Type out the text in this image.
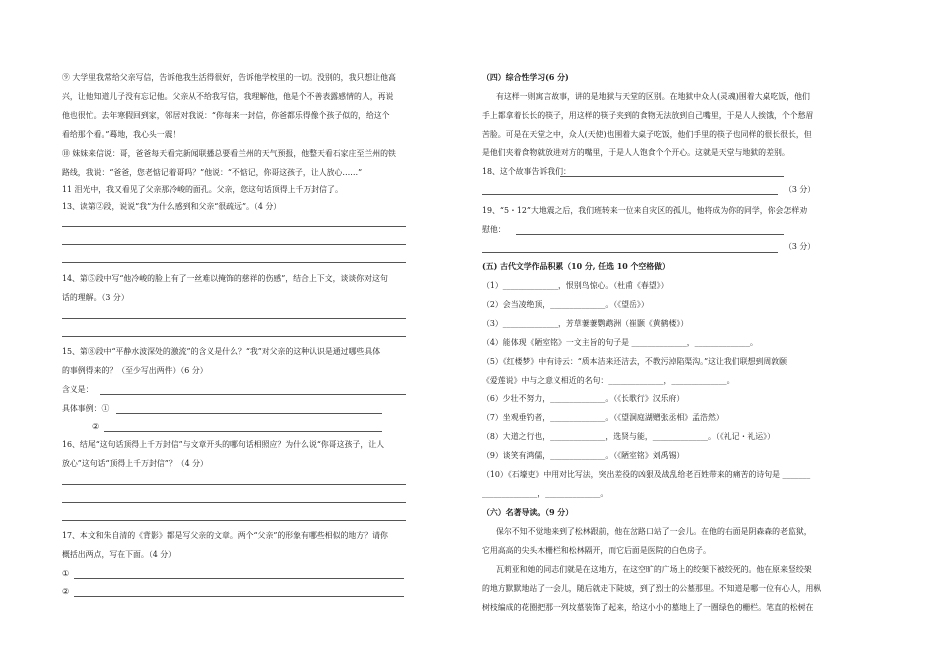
⑨ 大学里我常给父亲写信，告诉他我生活得很好，告诉他学校里的一切。没别的，我只想让他高
兴，让他知道儿子没有忘记他。父亲从不给我写信，我理解他，他是个不善表露感情的人，再说
他也很忙。去年寒假回到家，邻居对我说：“你每来一封信，你爸都乐得像个孩子似的，给这个
看给那个看。”蓦地，我心头一震！
⑩ 妹妹来信说：哥，爸爸每天看完新闻联播总要看兰州的天气预报，他整天看石家庄至兰州的铁
路线，我说：“爸爸，您老惦记着哥吗？”他说：“不惦记，你哥这孩子，让人放心……”
11 泪光中，我又看见了父亲那冷峻的面孔。父亲，您这句话顶得上千万封信了。
13、读第②段，说说“我”为什么感到和父亲“很疏远”。（4 分）
14、第⑤段中写“他冷峻的脸上有了一丝难以掩饰的慈祥的伤感”，结合上下文，谈谈你对这句
话的理解。（3 分）
15、第⑧段中“平静水波深处的激流”的含义是什么？“我”对父亲的这种认识是通过哪些具体
的事例得来的？（至少写出两件）（6 分）
含义是：
具体事例：①
②
16、结尾“这句话顶得上千万封信”与文章开头的哪句话相照应？为什么说“你哥这孩子，让人
放心”这句话“顶得上千万封信”？（4 分）
17、本文和朱自清的《背影》都是写父亲的文章。两个“父亲”的形象有哪些相似的地方？请你
概括出两点，写在下面。（4 分）
①
②
（四）综合性学习(6 分)
有这样一则寓言故事，讲的是地狱与天堂的区别。在地狱中众人(灵魂)围着大桌吃饭，他们
手上都拿着长长的筷子，用这样的筷子夹到的食物无法放到自己嘴里，于是人人挨饿，个个愁眉
苦脸。可是在天堂之中，众人(天使)也围着大桌子吃饭，他们手里的筷子也同样的很长很长，但
是他们夹着食物就放进对方的嘴里，于是人人饱食个个开心。这就是天堂与地狱的差别。
18、这个故事告诉我们：
（3 分）
19、“5・12”大地震之后，我们班转来一位来自灾区的孤儿，他将成为你的同学，你会怎样劝
慰他：
（3 分）
(五) 古代文学作品积累（10 分, 任选 10 个空格做）
（1）______________，恨别鸟惊心。（杜甫《春望》）
（2）会当凌绝顶，______________。（《望岳》）
（3）______________，芳草萋萋鹦鹉洲（崔颢《黄鹤楼》）
（4）能体现《陋室铭》一文主旨的句子是 ______________，______________。
（5）《红楼梦》中有诗云：“质本洁来还洁去，不教污淖陷渠沟。”这让我们联想到周敦颐
《爱莲说》中与之意义相近的名句：______________，______________。
（6）少壮不努力，______________。（《长歌行》汉乐府）
（7）坐观垂钓者，______________。（《望洞庭湖赠张丞相》孟浩然）
（8）大道之行也，______________，选贤与能，______________。（《礼记・礼运》）
（9）谈笑有鸿儒，______________。（《陋室铭》刘禹锡）
（10）《石壕吏》中用对比写法，突出差役的凶狠及战乱给老百姓带来的痛苦的诗句是 _______
______________，______________。
（六）名著导读。（9 分）
保尔不知不觉地来到了松林跟前，他在岔路口站了一会儿。在他的右面是阴森森的老监狱，
它用高高的尖头木栅栏和松林隔开，而它后面是医院的白色房子。
瓦莉亚和她的同志们就是在这地方，在这空旷的广场上的绞架下被绞死的。他在原来竖绞架
的地方默默地站了一会儿，随后就走下陡坡，到了烈士的公墓那里。不知道是哪一位有心人，用枞
树枝编成的花圈把那一列坟墓装饰了起来，给这小小的墓地上了一圈绿色的栅栏。笔直的松树在
